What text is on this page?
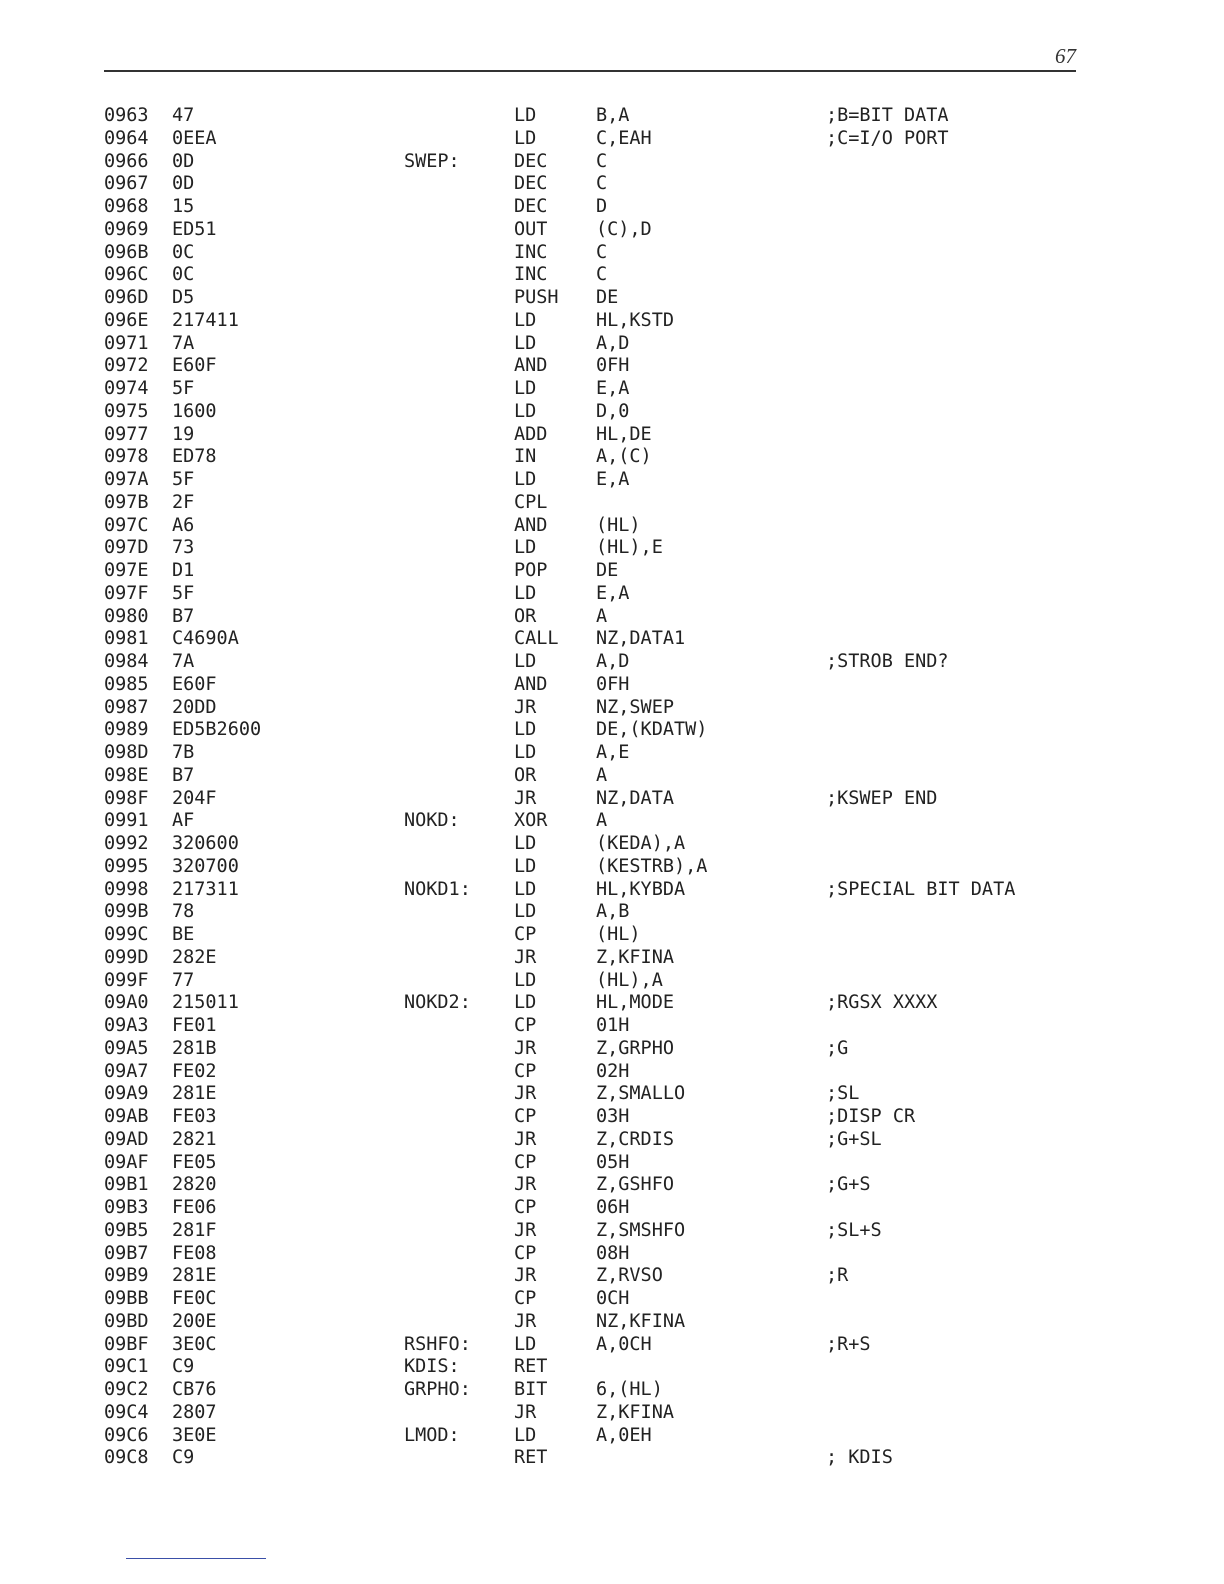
67
0963 47	LD	B,A	;B=BIT DATA
0964 0EEA	LD	C,EAH	;C=I/O PORT
0966 0D	SWEP:	DEC	C
0967 0D	DEC	C
0968 15	DEC	D
0969 ED51	OUT	(C),D
096B 0C	INC	C
096C 0C	INC	C
096D D5	PUSH DE
096E 217411	LD	HL,KSTD
0971 7A	LD	A,D
0972 E60F	AND	0FH
0974 5F	LD	E,A
0975 1600	LD	D,0
0977 19	ADD	HL,DE
0978 ED78	IN	A,(C)
097A 5F	LD	E,A
097B 2F	CPL
097C A6	AND	(HL)
097D 73	LD	(HL),E
097E D1	POP	DE
097F 5F	LD	E,A
0980 B7	OR	A
0981 C4690A	CALL NZ,DATA1
0984 7A	LD	A,D	;STROB END?
0985 E60F	AND	0FH
0987 20DD	JR	NZ,SWEP
0989 ED5B2600	LD	DE,(KDATW)
098D 7B	LD	A,E
098E B7	OR	A
098F 204F	JR	NZ,DATA	;KSWEP END
0991 AF	NOKD:	XOR	A
0992 320600	LD	(KEDA),A
0995 320700	LD	(KESTRB),A
0998 217311	NOKD1: LD	HL,KYBDA	;SPECIAL BIT DATA
099B 78	LD	A,B
099C BE	CP	(HL)
099D 282E	JR	Z,KFINA
099F 77	LD	(HL),A
09A0 215011	NOKD2: LD	HL,MODE	;RGSX XXXX
09A3 FE01	CP	01H
09A5 281B	JR	Z,GRPHO	;G
09A7 FE02	CP	02H
09A9 281E	JR	Z,SMALLO	;SL
09AB FE03	CP	03H	;DISP CR
09AD 2821	JR	Z,CRDIS	;G+SL
09AF FE05	CP	05H
09B1 2820	JR	Z,GSHFO	;G+S
09B3 FE06	CP	06H
09B5 281F	JR	Z,SMSHFO	;SL+S
09B7 FE08	CP	08H
09B9 281E	JR	Z,RVSO	;R
09BB FE0C	CP	0CH
09BD 200E	JR	NZ,KFINA
09BF 3E0C	RSHFO: LD	A,0CH	;R+S
09C1 C9	KDIS:	RET
09C2 CB76	GRPHO: BIT	6,(HL)
09C4 2807	JR	Z,KFINA
09C6 3E0E	LMOD:	LD	A,0EH
09C8 C9	RET	; KDIS
